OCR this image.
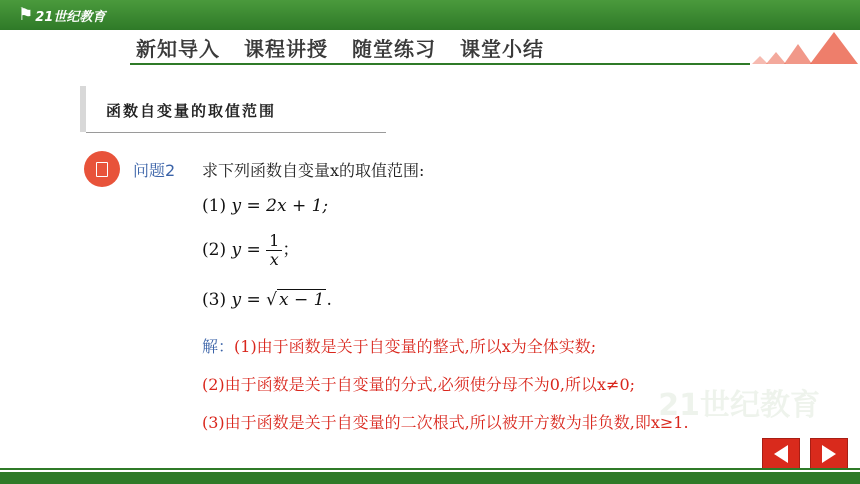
⚑ 21世纪教育
新知导入 课程讲授 随堂练习 课堂小结
函数自变量的取值范围
问题2 求下列函数自变量x的取值范围:
(1) y = 2x + 1;
(2) $y = \frac{1}{x}$ ；
(3) y = √ x − 1 .
解：(1)由于函数是关于自变量的整式,所以x为全体实数;
(2)由于函数是关于自变量的分式,必须使分母不为0,所以x≠0;
(3)由于函数是关于自变量的二次根式,所以被开方数为非负数,即x≥1.
21世纪教育
